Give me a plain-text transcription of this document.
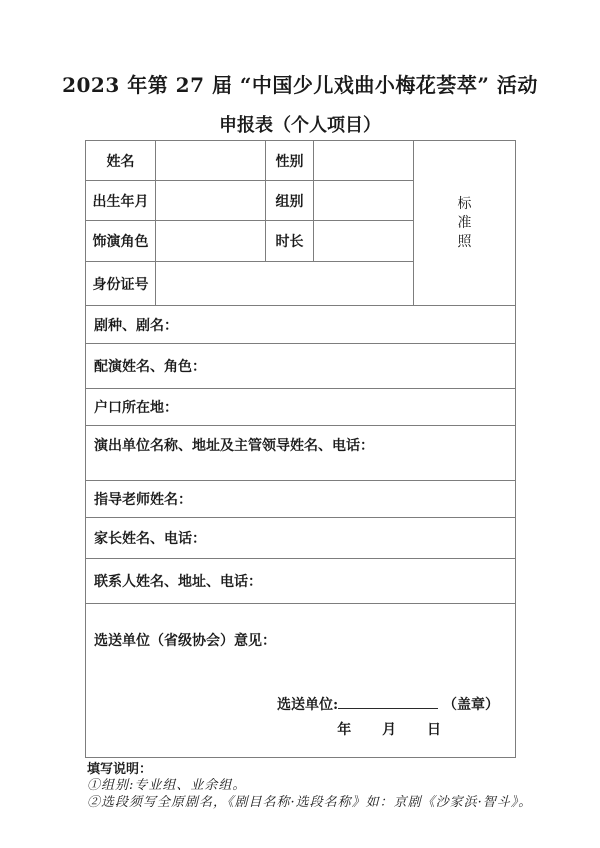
2023 年第 27 届 “中国少儿戏曲小梅花荟萃” 活动
申报表（个人项目）
姓名		性别		标准照

出生年月		组别		
饰演角色		时长		
身份证号				
剧种、剧名：				
配演姓名、角色：				
户口所在地：				
演出单位名称、地址及主管领导姓名、电话：				
指导老师姓名：				
家长姓名、电话：				
联系人姓名、地址、电话：				

选送单位（省级协会）意见：
选送单位: （盖章）
年 月 日				
填写说明：
①组别:专业组、业余组。
②选段须写全原剧名，《剧目名称·选段名称》如：京剧《沙家浜·智斗》。
